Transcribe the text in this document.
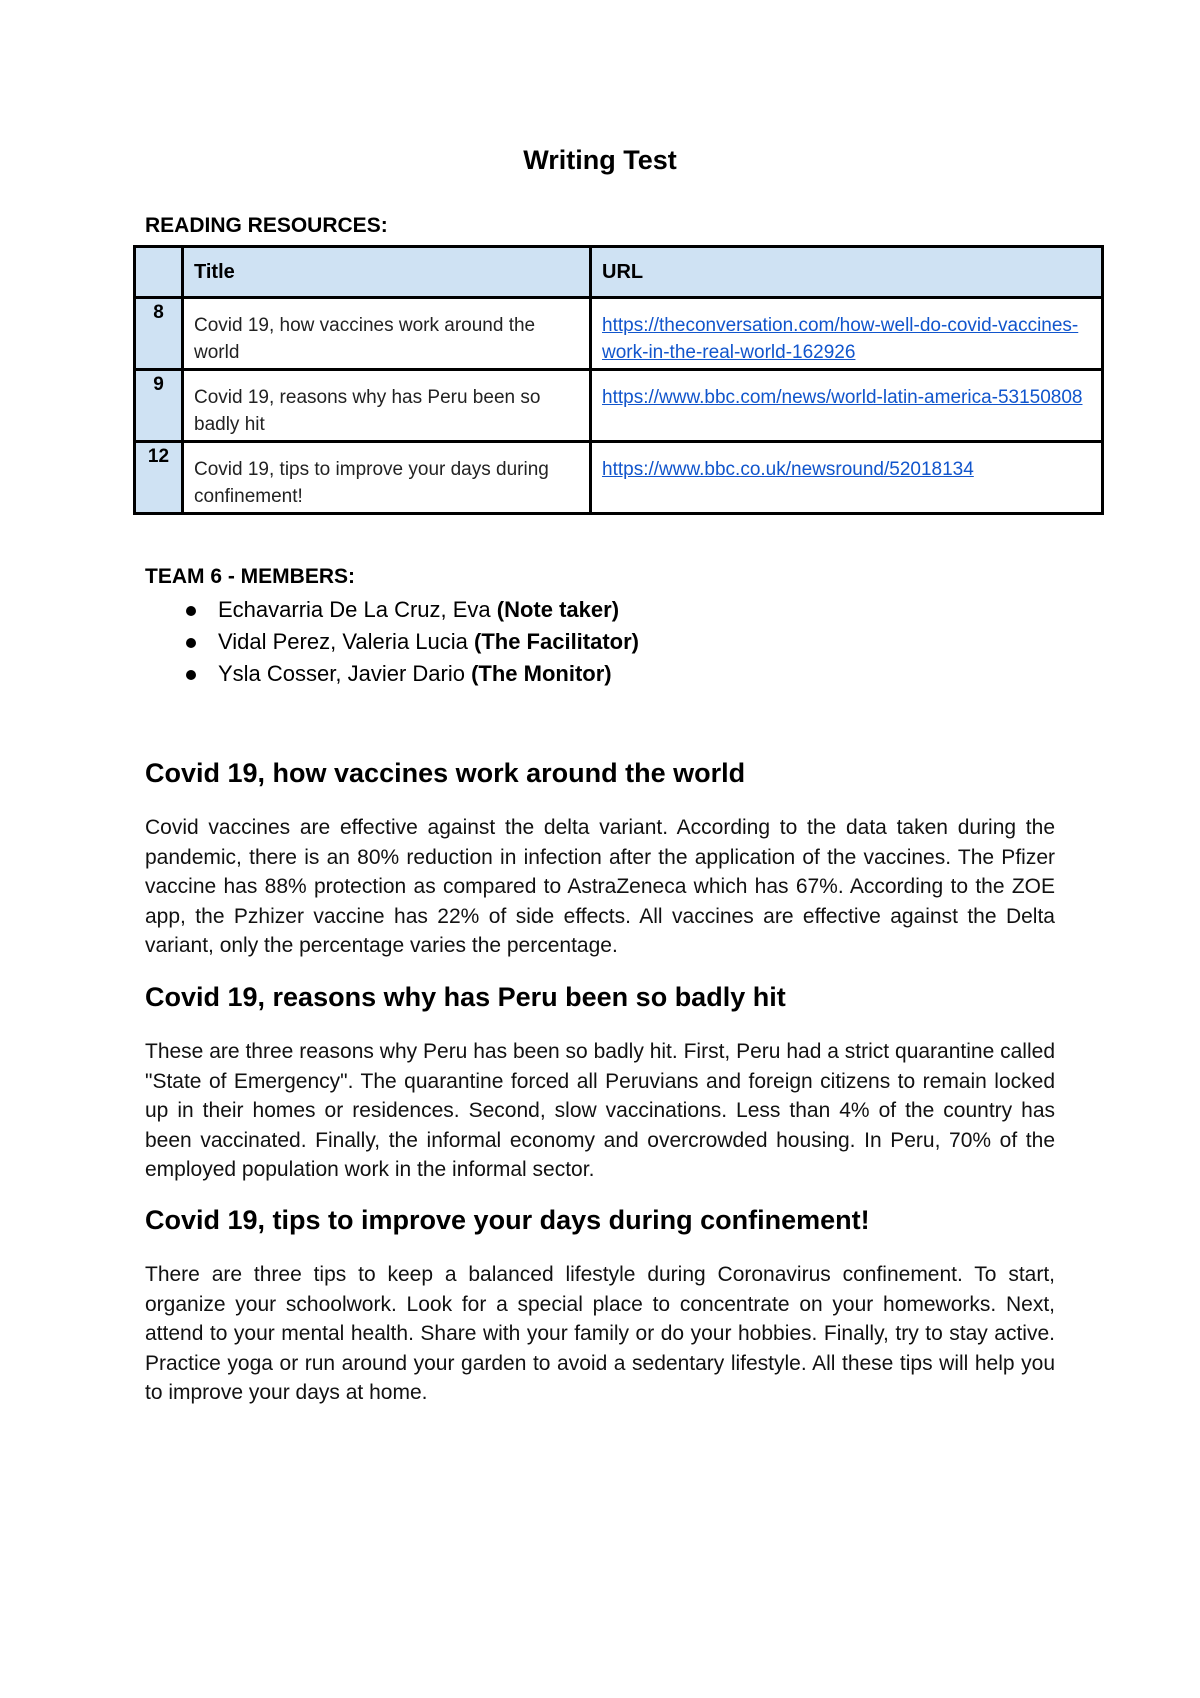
Writing Test

READING RESOURCES:

	Title	URL
8	Covid 19, how vaccines work around the world	https://theconversation.com/how-well-do-covid-vaccines-work-in-the-real-world-162926
9	Covid 19, reasons why has Peru been so badly hit	https://www.bbc.com/news/world-latin-america-53150808
12	Covid 19, tips to improve your days during confinement!	https://www.bbc.co.uk/newsround/52018134

TEAM 6 - MEMBERS:

Echavarria De La Cruz, Eva (Note taker)
Vidal Perez, Valeria Lucia (The Facilitator)
Ysla Cosser, Javier Dario (The Monitor)
Covid 19, how vaccines work around the world

Covid vaccines are effective against the delta variant. According to the data taken during the pandemic, there is an 80% reduction in infection after the application of the vaccines. The Pfizer vaccine has 88% protection as compared to AstraZeneca which has 67%. According to the ZOE app, the Pzhizer vaccine has 22% of side effects. All vaccines are effective against the Delta variant, only the percentage varies the percentage.

Covid 19, reasons why has Peru been so badly hit

These are three reasons why Peru has been so badly hit. First, Peru had a strict quarantine called "State of Emergency". The quarantine forced all Peruvians and foreign citizens to remain locked up in their homes or residences. Second, slow vaccinations. Less than 4% of the country has been vaccinated. Finally, the informal economy and overcrowded housing. In Peru, 70% of the employed population work in the informal sector.

Covid 19, tips to improve your days during confinement!

There are three tips to keep a balanced lifestyle during Coronavirus confinement. To start, organize your schoolwork. Look for a special place to concentrate on your homeworks. Next, attend to your mental health. Share with your family or do your hobbies. Finally, try to stay active. Practice yoga or run around your garden to avoid a sedentary lifestyle. All these tips will help you to improve your days at home.
